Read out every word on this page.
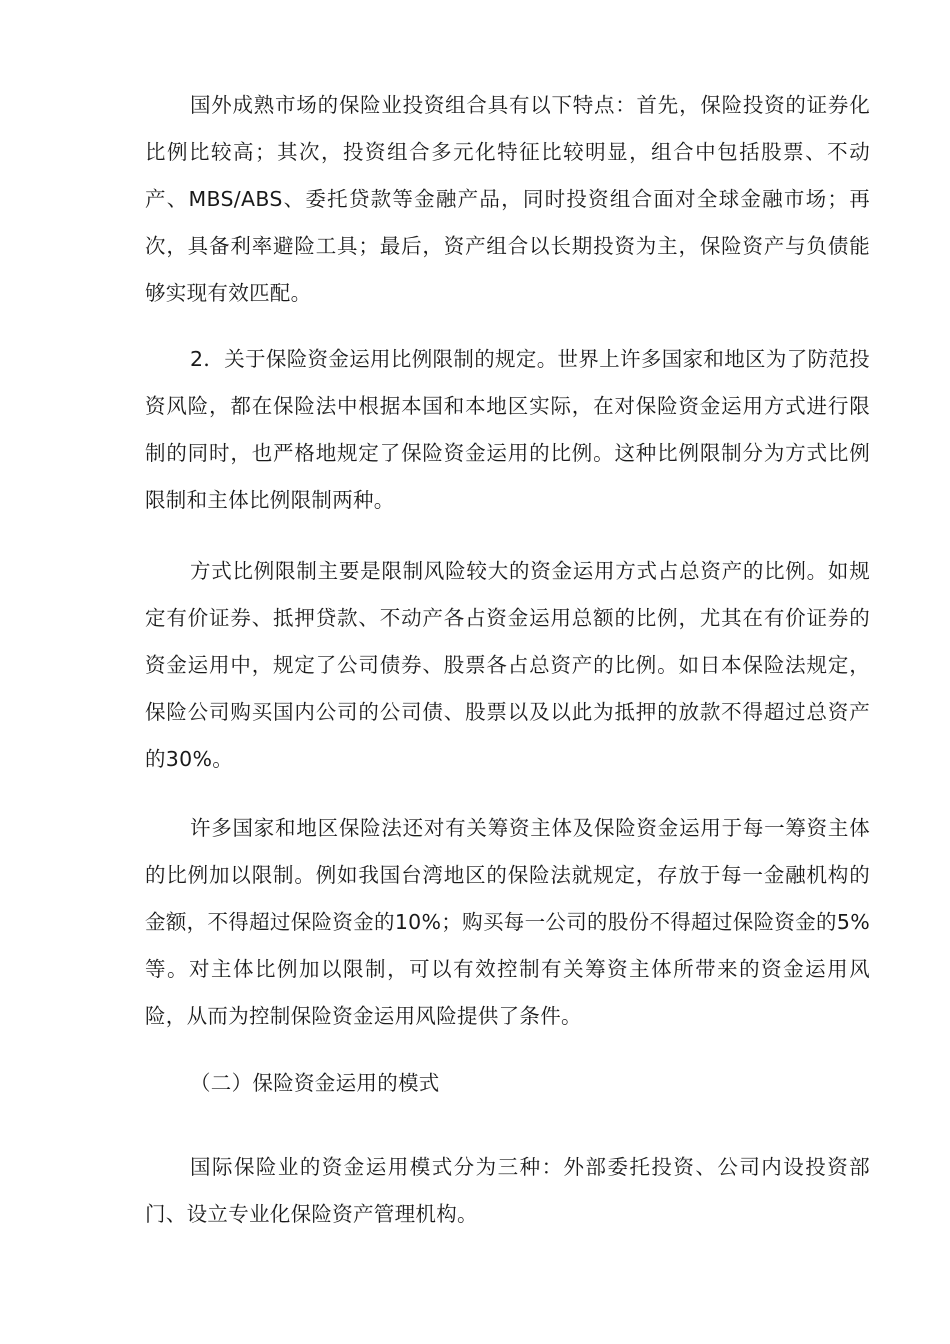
国外成熟市场的保险业投资组合具有以下特点：首先，保险投资的证券化比例比较高；其次，投资组合多元化特征比较明显，组合中包括股票、不动产、MBS/ABS、委托贷款等金融产品，同时投资组合面对全球金融市场；再次，具备利率避险工具；最后，资产组合以长期投资为主，保险资产与负债能够实现有效匹配。

2．关于保险资金运用比例限制的规定。世界上许多国家和地区为了防范投资风险，都在保险法中根据本国和本地区实际，在对保险资金运用方式进行限制的同时，也严格地规定了保险资金运用的比例。这种比例限制分为方式比例限制和主体比例限制两种。

方式比例限制主要是限制风险较大的资金运用方式占总资产的比例。如规定有价证券、抵押贷款、不动产各占资金运用总额的比例，尤其在有价证券的资金运用中，规定了公司债券、股票各占总资产的比例。如日本保险法规定，保险公司购买国内公司的公司债、股票以及以此为抵押的放款不得超过总资产的30%。

许多国家和地区保险法还对有关筹资主体及保险资金运用于每一筹资主体的比例加以限制。例如我国台湾地区的保险法就规定，存放于每一金融机构的金额，不得超过保险资金的10%；购买每一公司的股份不得超过保险资金的5%等。对主体比例加以限制，可以有效控制有关筹资主体所带来的资金运用风险，从而为控制保险资金运用风险提供了条件。

（二）保险资金运用的模式

国际保险业的资金运用模式分为三种：外部委托投资、公司内设投资部门、设立专业化保险资产管理机构。
